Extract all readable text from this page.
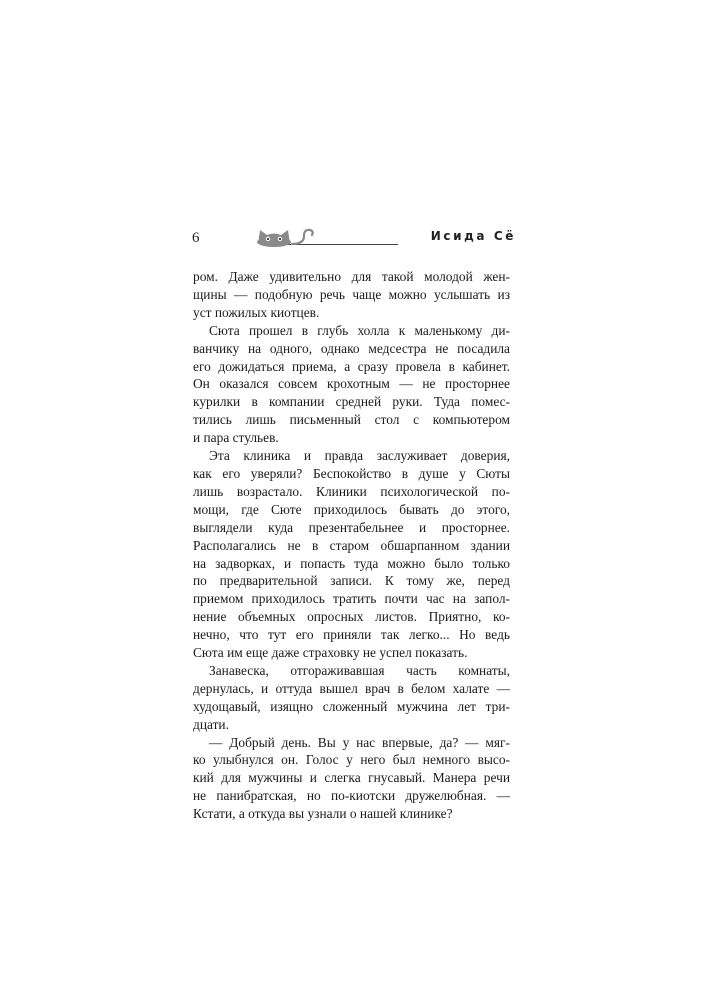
6	Исида Сё
ром. Даже удивительно для такой молодой жен-
щины — подобную речь чаще можно услышать из
уст пожилых киотцев.
Сюта прошел в глубь холла к маленькому ди-
ванчику на одного, однако медсестра не посадила
его дожидаться приема, а сразу провела в кабинет.
Он оказался совсем крохотным — не просторнее
курилки в компании средней руки. Туда помес-
тились лишь письменный стол с компьютером
и пара стульев.
Эта клиника и правда заслуживает доверия,
как его уверяли? Беспокойство в душе у Сюты
лишь возрастало. Клиники психологической по-
мощи, где Сюте приходилось бывать до этого,
выглядели куда презентабельнее и просторнее.
Располагались не в старом обшарпанном здании
на задворках, и попасть туда можно было только
по предварительной записи. К тому же, перед
приемом приходилось тратить почти час на запол-
нение объемных опросных листов. Приятно, ко-
нечно, что тут его приняли так легко... Но ведь
Сюта им еще даже страховку не успел показать.
Занавеска, отгораживавшая часть комнаты,
дернулась, и оттуда вышел врач в белом халате —
худощавый, изящно сложенный мужчина лет три-
дцати.
— Добрый день. Вы у нас впервые, да? — мяг-
ко улыбнулся он. Голос у него был немного высо-
кий для мужчины и слегка гнусавый. Манера речи
не панибратская, но по-киотски дружелюбная. —
Кстати, а откуда вы узнали о нашей клинике?
